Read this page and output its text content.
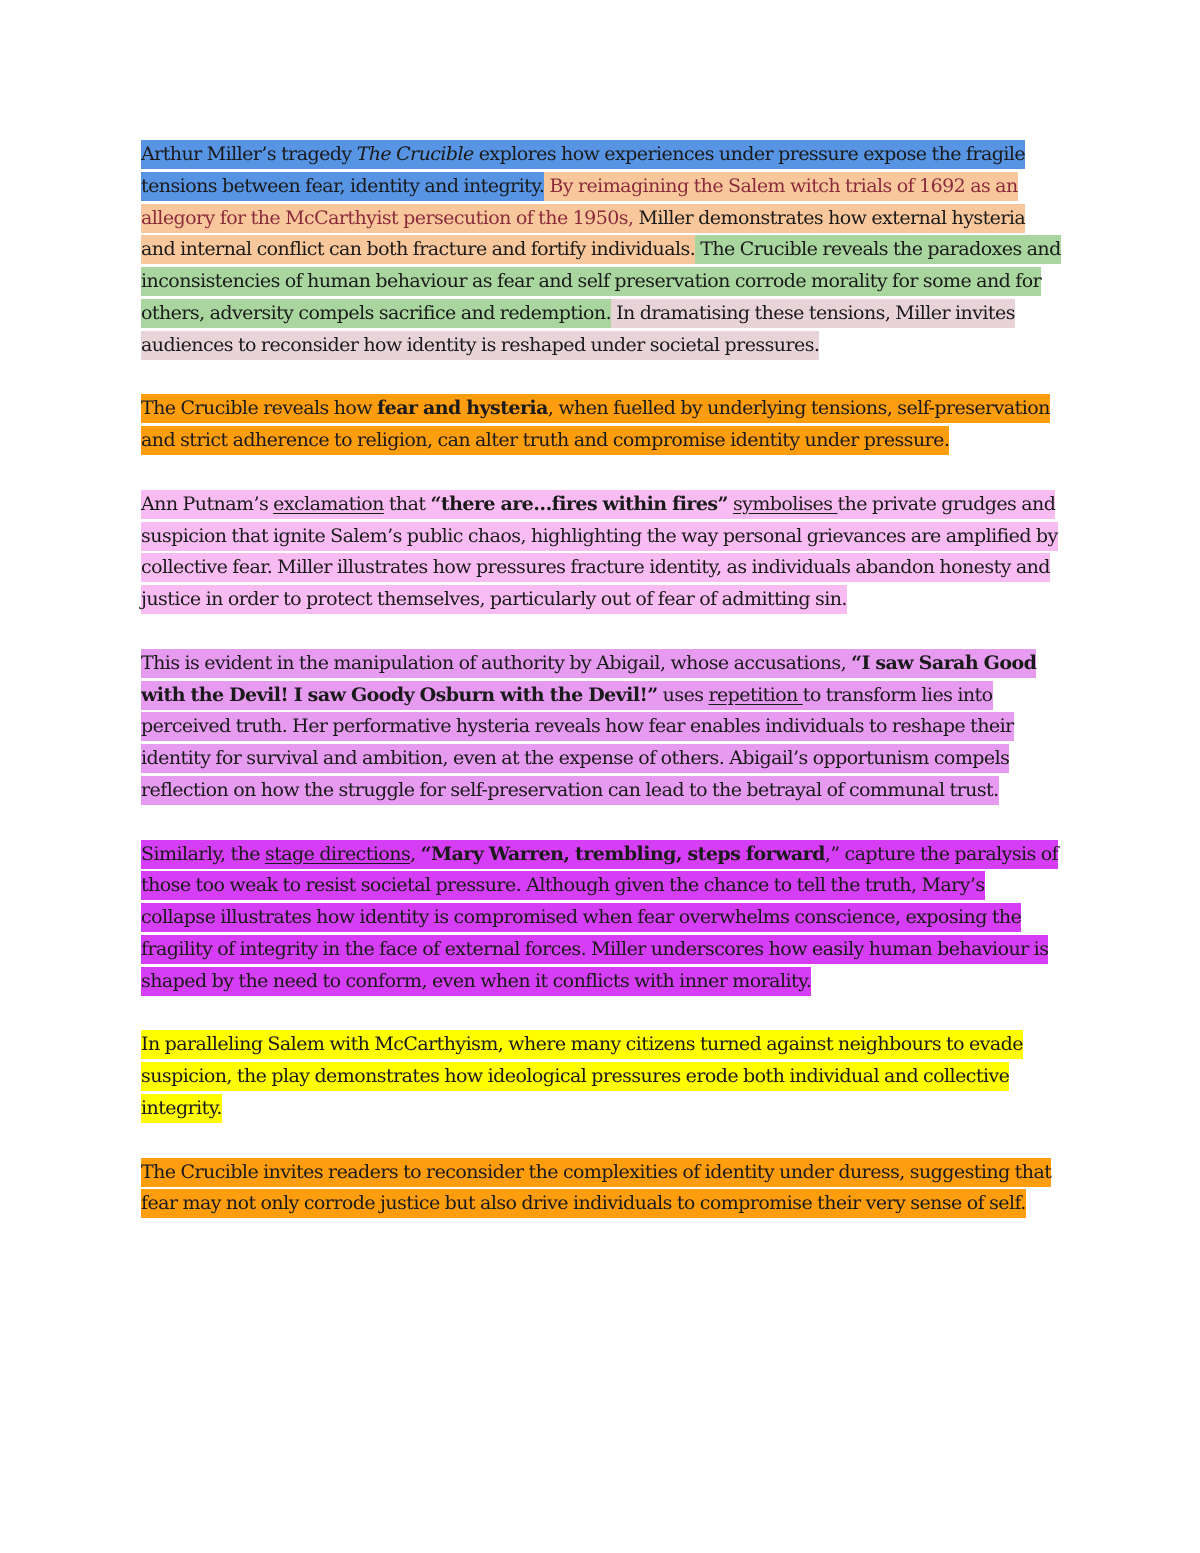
Arthur Miller’s tragedy The Crucible explores how experiences under pressure expose the fragile tensions between fear, identity and integrity. By reimagining the Salem witch trials of 1692 as an allegory for the McCarthyist persecution of the 1950s, Miller demonstrates how external hysteria and internal conflict can both fracture and fortify individuals. The Crucible reveals the paradoxes and inconsistencies of human behaviour as fear and self preservation corrode morality for some and for others, adversity compels sacrifice and redemption. In dramatising these tensions, Miller invites audiences to reconsider how identity is reshaped under societal pressures.

The Crucible reveals how fear and hysteria, when fuelled by underlying tensions, self-preservation and strict adherence to religion, can alter truth and compromise identity under pressure.

Ann Putnam’s exclamation that “there are…fires within fires” symbolises the private grudges and suspicion that ignite Salem’s public chaos, highlighting the way personal grievances are amplified by collective fear. Miller illustrates how pressures fracture identity, as individuals abandon honesty and justice in order to protect themselves, particularly out of fear of admitting sin.

This is evident in the manipulation of authority by Abigail, whose accusations, “I saw Sarah Good with the Devil! I saw Goody Osburn with the Devil!” uses repetition to transform lies into perceived truth. Her performative hysteria reveals how fear enables individuals to reshape their identity for survival and ambition, even at the expense of others. Abigail’s opportunism compels reflection on how the struggle for self-preservation can lead to the betrayal of communal trust.

Similarly, the stage directions, “Mary Warren, trembling, steps forward,” capture the paralysis of those too weak to resist societal pressure. Although given the chance to tell the truth, Mary’s collapse illustrates how identity is compromised when fear overwhelms conscience, exposing the fragility of integrity in the face of external forces. Miller underscores how easily human behaviour is shaped by the need to conform, even when it conflicts with inner morality.

In paralleling Salem with McCarthyism, where many citizens turned against neighbours to evade suspicion, the play demonstrates how ideological pressures erode both individual and collective integrity.

The Crucible invites readers to reconsider the complexities of identity under duress, suggesting that fear may not only corrode justice but also drive individuals to compromise their very sense of self.
